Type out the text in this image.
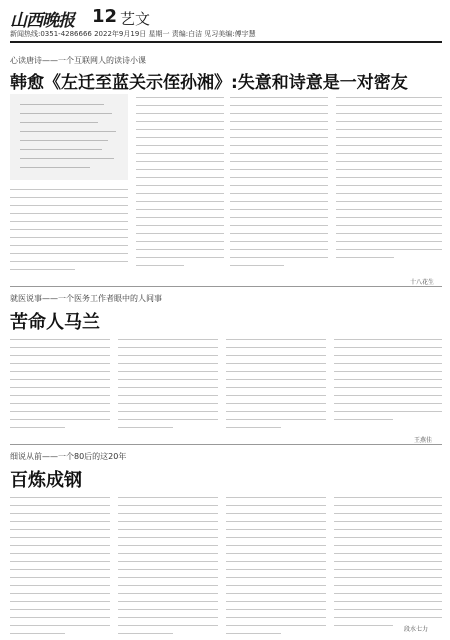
山西晚报 12 艺文
新闻热线:0351-4286666 2022年9月19日 星期一 责编:白洁 见习美编:傅宇慧
心读唐诗——一个互联网人的读诗小课
韩愈《左迁至蓝关示侄孙湘》:失意和诗意是一对密友
十八花生
就医说事——一个医务工作者眼中的人间事
苦命人马兰
王燕佳
细说从前——一个80后的这20年
百炼成钢
段水七力
